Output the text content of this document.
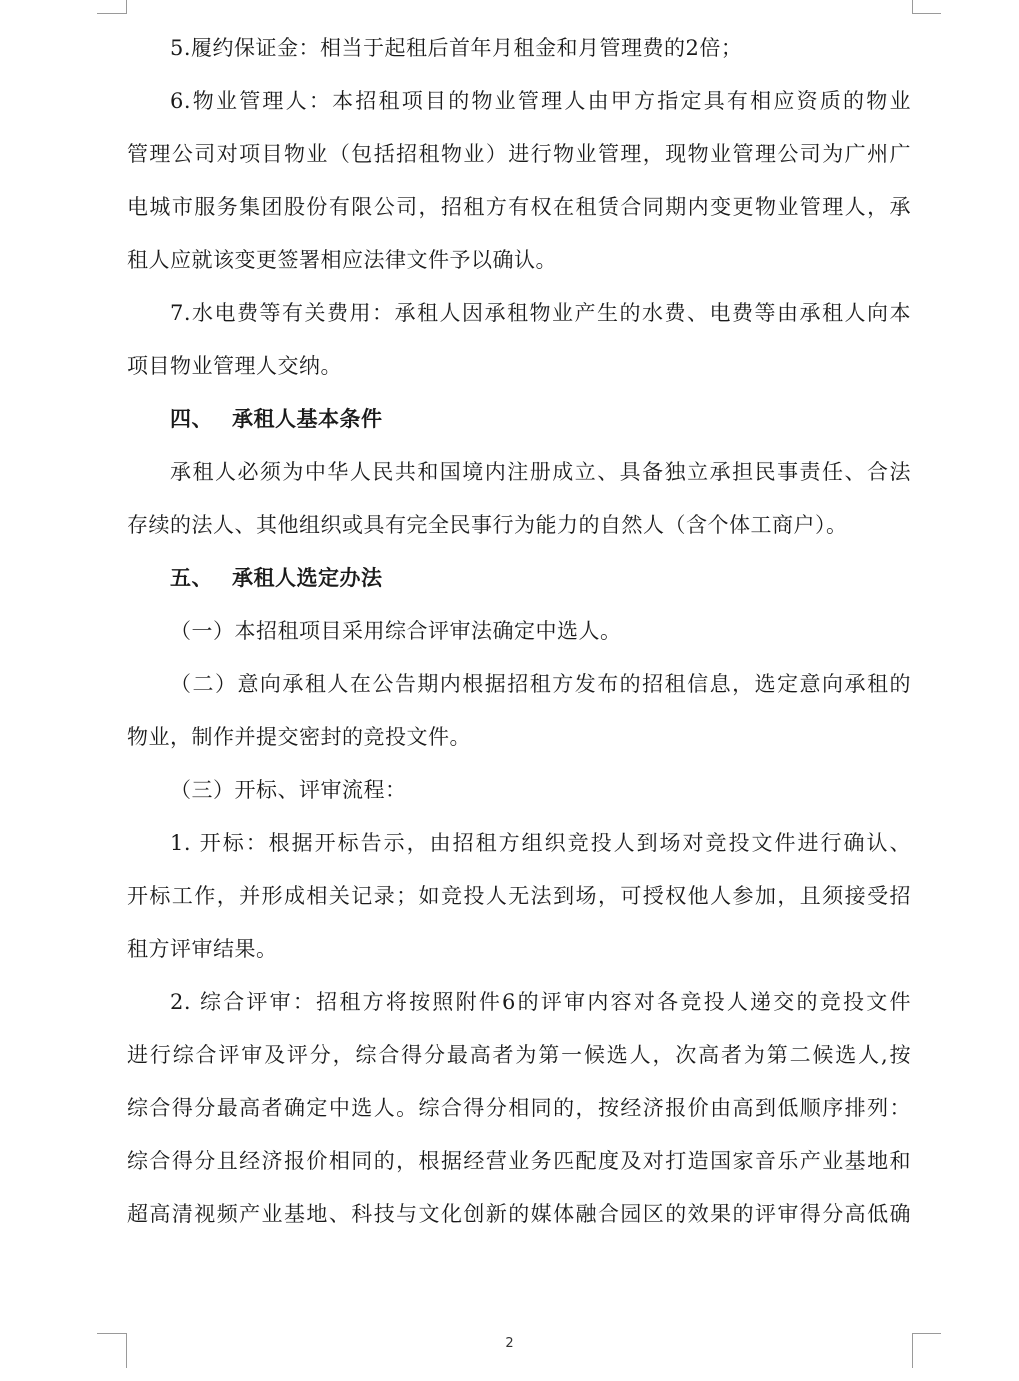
5.履约保证金：相当于起租后首年月租金和月管理费的2倍；
6.物业管理人：本招租项目的物业管理人由甲方指定具有相应资质的物业
管理公司对项目物业（包括招租物业）进行物业管理，现物业管理公司为广州广
电城市服务集团股份有限公司，招租方有权在租赁合同期内变更物业管理人，承
租人应就该变更签署相应法律文件予以确认。
7.水电费等有关费用：承租人因承租物业产生的水费、电费等由承租人向本
项目物业管理人交纳。
四、 承租人基本条件
承租人必须为中华人民共和国境内注册成立、具备独立承担民事责任、合法
存续的法人、其他组织或具有完全民事行为能力的自然人（含个体工商户）。
五、 承租人选定办法
（一）本招租项目采用综合评审法确定中选人。
（二）意向承租人在公告期内根据招租方发布的招租信息，选定意向承租的
物业，制作并提交密封的竞投文件。
（三）开标、评审流程：
1. 开标：根据开标告示，由招租方组织竞投人到场对竞投文件进行确认、
开标工作，并形成相关记录；如竞投人无法到场，可授权他人参加，且须接受招
租方评审结果。
2. 综合评审：招租方将按照附件6的评审内容对各竞投人递交的竞投文件
进行综合评审及评分，综合得分最高者为第一候选人，次高者为第二候选人,按
综合得分最高者确定中选人。综合得分相同的，按经济报价由高到低顺序排列：
综合得分且经济报价相同的，根据经营业务匹配度及对打造国家音乐产业基地和
超高清视频产业基地、科技与文化创新的媒体融合园区的效果的评审得分高低确
2
